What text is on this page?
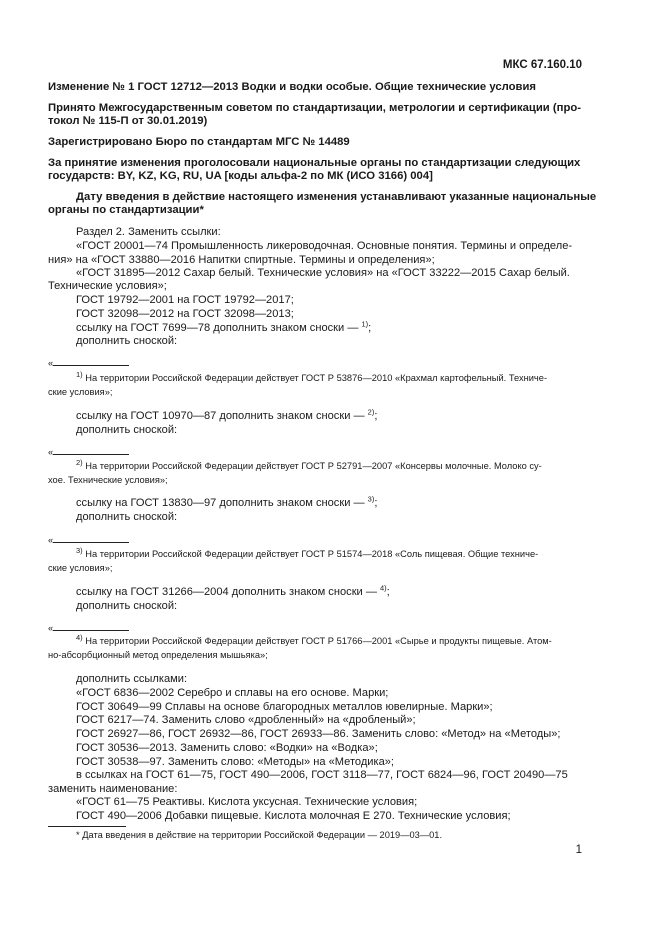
МКС 67.160.10
Изменение № 1 ГОСТ 12712—2013 Водки и водки особые. Общие технические условия
Принято Межгосударственным советом по стандартизации, метрологии и сертификации (про-
токол № 115-П от 30.01.2019)
Зарегистрировано Бюро по стандартам МГС № 14489
За принятие изменения проголосовали национальные органы по стандартизации следующих
государств: BY, KZ, KG, RU, UA [коды альфа-2 по МК (ИСО 3166) 004]
Дату введения в действие настоящего изменения устанавливают указанные национальные
органы по стандартизации*
Раздел 2. Заменить ссылки:
«ГОСТ 20001—74 Промышленность ликероводочная. Основные понятия. Термины и определе-
ния» на «ГОСТ 33880—2016 Напитки спиртные. Термины и определения»;
«ГОСТ 31895—2012 Сахар белый. Технические условия» на «ГОСТ 33222—2015 Сахар белый.
Технические условия»;
ГОСТ 19792—2001 на ГОСТ 19792—2017;
ГОСТ 32098—2012 на ГОСТ 32098—2013;
ссылку на ГОСТ 7699—78 дополнить знаком сноски — $^{1)}$;
дополнить сноской:
«
$^{1)}$ На территории Российской Федерации действует ГОСТ Р 53876—2010 «Крахмал картофельный. Техниче-
ские условия»;
ссылку на ГОСТ 10970—87 дополнить знаком сноски — $^{2)}$;
дополнить сноской:
«
$^{2)}$ На территории Российской Федерации действует ГОСТ Р 52791—2007 «Консервы молочные. Молоко су-
хое. Технические условия»;
ссылку на ГОСТ 13830—97 дополнить знаком сноски — $^{3)}$;
дополнить сноской:
«
$^{3)}$ На территории Российской Федерации действует ГОСТ Р 51574—2018 «Соль пищевая. Общие техниче-
ские условия»;
ссылку на ГОСТ 31266—2004 дополнить знаком сноски — $^{4)}$;
дополнить сноской:
«
$^{4)}$ На территории Российской Федерации действует ГОСТ Р 51766—2001 «Сырье и продукты пищевые. Атом-
но-абсорбционный метод определения мышьяка»;
дополнить ссылками:
«ГОСТ 6836—2002 Серебро и сплавы на его основе. Марки;
ГОСТ 30649—99 Сплавы на основе благородных металлов ювелирные. Марки»;
ГОСТ 6217—74. Заменить слово «дробленный» на «дробленый»;
ГОСТ 26927—86, ГОСТ 26932—86, ГОСТ 26933—86. Заменить слово: «Метод» на «Методы»;
ГОСТ 30536—2013. Заменить слово: «Водки» на «Водка»;
ГОСТ 30538—97. Заменить слово: «Методы» на «Методика»;
в ссылках на ГОСТ 61—75, ГОСТ 490—2006, ГОСТ 3118—77, ГОСТ 6824—96, ГОСТ 20490—75
заменить наименование:
«ГОСТ 61—75 Реактивы. Кислота уксусная. Технические условия;
ГОСТ 490—2006 Добавки пищевые. Кислота молочная Е 270. Технические условия;
* Дата введения в действие на территории Российской Федерации — 2019—03—01.
1
